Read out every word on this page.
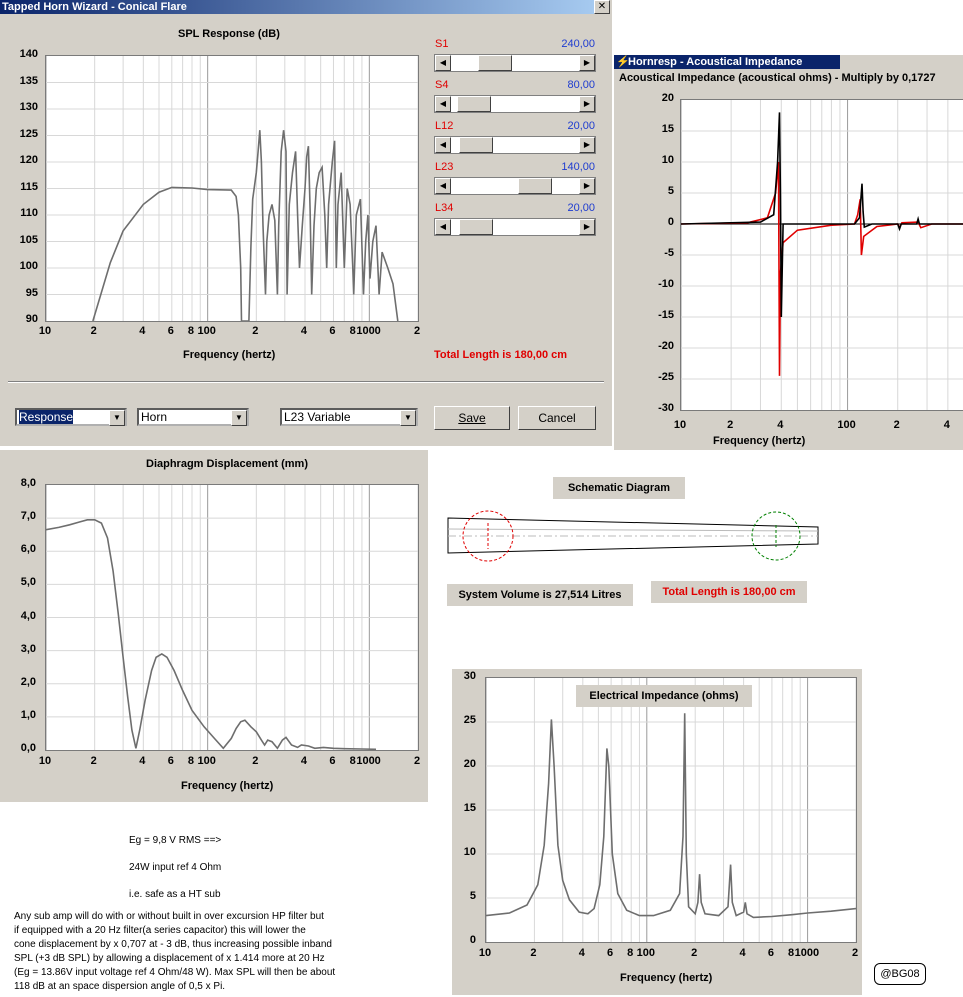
Tapped Horn Wizard - Conical Flare	✕
SPL Response (dB)
140
135
130
125
120
115
110
105
100
95
90
10	2	4	6	8 100	2	4	6	8 1000	2
Frequency (hertz)
S1	240,00
◀	▶
S4	80,00
◀	▶
L12	20,00
◀	▶
L23	140,00
◀	▶
L34	20,00
◀	▶
Total Length is 180,00 cm
Response	▼	Horn	▼	L23 Variable	▼	Save	Cancel
⚡
Hornresp - Acoustical Impedance
Acoustical Impedance (acoustical ohms) - Multiply by 0,1727
20
15
10
5
0
-5
-10
-15
-20
-25
-30
10	2	4	100	2	4
Frequency (hertz)
Diaphragm Displacement (mm)
8,0
7,0
6,0
5,0
4,0
3,0
2,0
1,0
0,0
10	2	4	6	8 100	2	4	6	8 1000	2
Frequency (hertz)
Schematic Diagram
System Volume is 27,514 Litres	Total Length is 180,00 cm
30
25
20
15
10
5
0
Electrical Impedance (ohms)
10	2	4	6	8 100	2	4	6	8 1000	2
Frequency (hertz)
Eg = 9,8 V RMS ==>
24W input ref 4 Ohm
i.e. safe as a HT sub
Any sub amp will do with or without built in over excursion HP filter but
if equipped with a 20 Hz filter(a series capacitor) this will lower the
cone displacement by x 0,707 at - 3 dB, thus increasing possible inband
SPL (+3 dB SPL) by allowing a displacement of x 1.414 more at 20 Hz
(Eg = 13.86V input voltage ref 4 Ohm/48 W). Max SPL will then be about
118 dB at an space dispersion angle of 0,5 x Pi.
@BG08
